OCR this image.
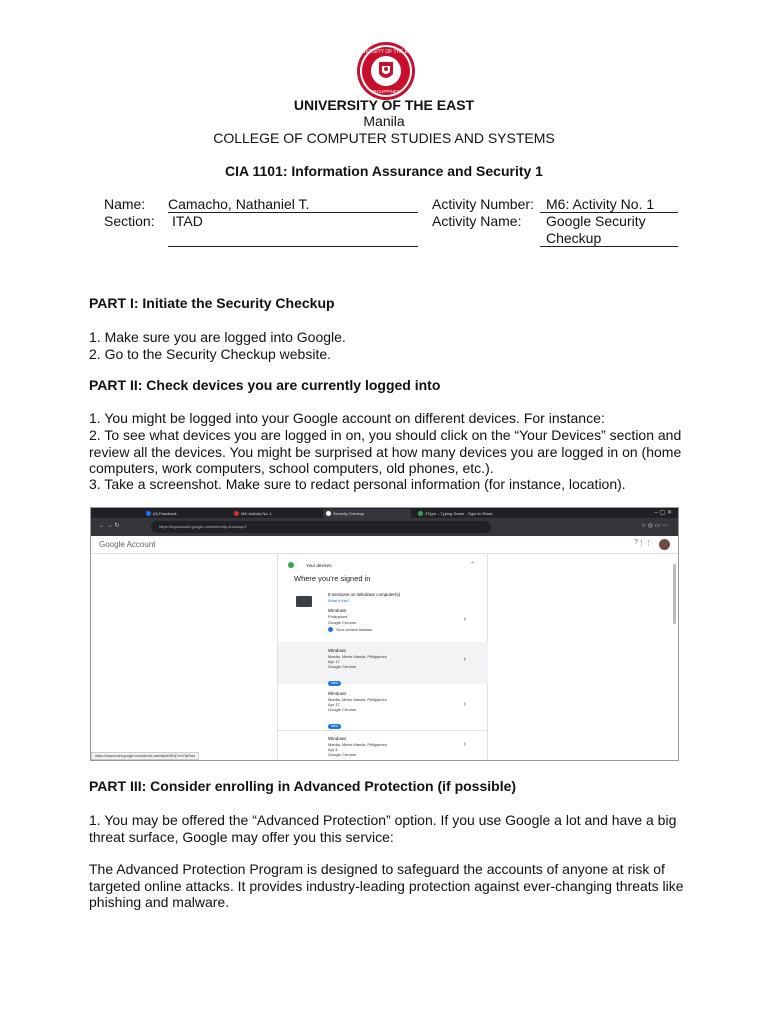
UNIVERSITY OF THE EAST
PHILIPPINES
UNIVERSITY OF THE EAST
Manila
COLLEGE OF COMPUTER STUDIES AND SYSTEMS
CIA 1101: Information Assurance and Security 1
Name: Camacho, Nathaniel T.
Section: ITAD
Activity Number: M6: Activity No. 1
Activity Name: Google Security
Checkup
PART I: Initiate the Security Checkup
1. Make sure you are logged into Google.
2. Go to the Security Checkup website.
PART II: Check devices you are currently logged into
1. You might be logged into your Google account on different devices. For instance:
2. To see what devices you are logged in on, you should click on the “Your Devices” section and review all the devices. You might be surprised at how many devices you are logged in on (home computers, work computers, school computers, old phones, etc.).
3. Take a screenshot. Make sure to redact personal information (for instance, location).
(9) Facebook	M6: Activity No. 1	Security Checkup	ZType – Typing Game - Type to Shoot	– ▢ ✕
← → ↻	☆ ◎ ▭ ⋯
https://myaccount.google.com/security-checkup/2
Google Account	? ⋮⋮
Your devices	⌃
Where you're signed in
8 sessions on Windows computer(s)
What's this?
Windows
Philippines
Google Chrome
Your current session
›
Windows
Manila, Metro Manila, Philippines
Apr 17
Google Chrome
New
›
Windows
Manila, Metro Manila, Philippines
Apr 17
Google Chrome
New
›
Windows
Manila, Metro Manila, Philippines
Apr 4
Google Chrome
›
https://myaccount.google.com/device-activity/id/WlVj7n4Y3pRad
PART III: Consider enrolling in Advanced Protection (if possible)
1. You may be offered the “Advanced Protection” option. If you use Google a lot and have a big threat surface, Google may offer you this service:
The Advanced Protection Program is designed to safeguard the accounts of anyone at risk of targeted online attacks. It provides industry-leading protection against ever-changing threats like phishing and malware.
